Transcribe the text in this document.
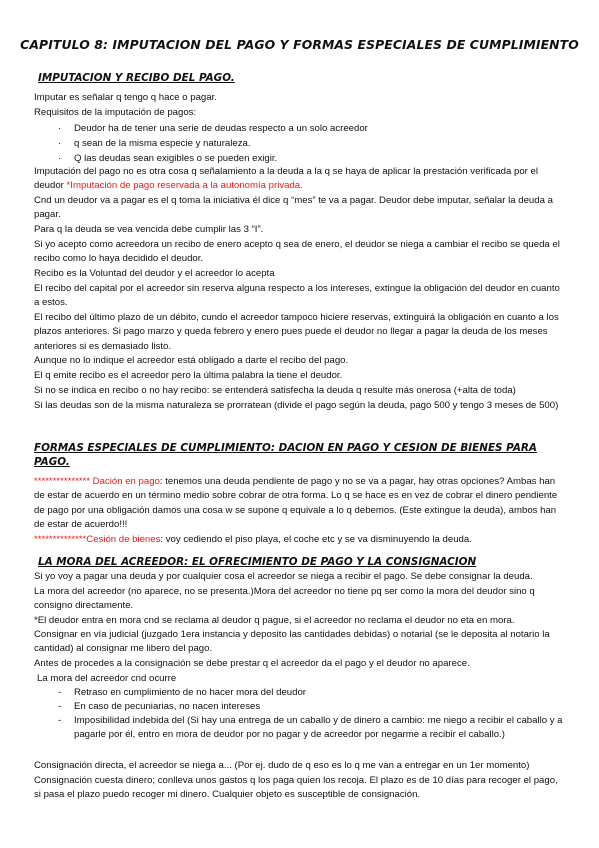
CAPITULO 8: IMPUTACION DEL PAGO Y FORMAS ESPECIALES DE CUMPLIMIENTO
IMPUTACION Y RECIBO DEL PAGO.

Imputar es señalar q tengo q hace o pagar.

Requisitos de la imputación de pagos:

· Deudor ha de tener una serie de deudas respecto a un solo acreedor

· q sean de la misma especie y naturaleza.

· Q las deudas sean exigibles o se pueden exigir.

Imputación del pago no es otra cosa q señalamiento a la deuda a la q se haya de aplicar la prestación verificada por el deudor *Imputación de pago reservada a la autonomía privada.

Cnd un deudor va a pagar es el q toma la iniciativa él dice q “mes” te va a pagar. Deudor debe imputar, señalar la deuda a pagar.

Para q la deuda se vea vencida debe cumplir las 3 “I”.

Si yo acepto como acreedora un recibo de enero acepto q sea de enero, el deudor se niega a cambiar el recibo se queda el recibo como lo haya decidido el deudor.

Recibo es la Voluntad del deudor y el acreedor lo acepta

El recibo del capital por el acreedor sin reserva alguna respecto a los intereses, extingue la obligación del deudor en cuanto a estos.

El recibo del último plazo de un débito, cundo el acreedor tampoco hiciere reservas, extinguirá la obligación en cuanto a los plazos anteriores. Si pago marzo y queda febrero y enero pues puede el deudor no llegar a pagar la deuda de los meses anteriores si es demasiado listo.

Aunque no lo indique el acreedor está obligado a darte el recibo del pago.

El q emite recibo es el acreedor pero la última palabra la tiene el deudor.

Si no se indica en recibo o no hay recibo: se entenderá satisfecha la deuda q resulte más onerosa (+alta de toda)

Si las deudas son de la misma naturaleza se prorratean (divide el pago según la deuda, pago 500 y tengo 3 meses de 500)

FORMAS ESPECIALES DE CUMPLIMIENTO: DACION EN PAGO Y CESION DE BIENES PARA PAGO.

*************** Dación en pago: tenemos una deuda pendiente de pago y no se va a pagar, hay otras opciones? Ambas han de estar de acuerdo en un término medio sobre cobrar de otra forma. Lo q se hace es en vez de cobrar el dinero pendiente de pago por una obligación damos una cosa w se supone q equivale a lo q debemos. (Este extingue la deuda), ambos han de estar de acuerdo!!!

**************Cesión de bienes: voy cediendo el piso playa, el coche etc y se va disminuyendo la deuda.

LA MORA DEL ACREEDOR: EL OFRECIMIENTO DE PAGO Y LA CONSIGNACION

Si yo voy a pagar una deuda y por cualquier cosa el acreedor se niega a recibir el pago. Se debe consignar la deuda.

La mora del acreedor (no aparece, no se presenta.)Mora del acreedor no tiene pq ser como la mora del deudor sino q consigno directamente.

*El deudor entra en mora cnd se reclama al deudor q pague, si el acreedor no reclama el deudor no eta en mora.

Consignar en vía judicial (juzgado 1era instancia y deposito las cantidades debidas) o notarial (se le deposita al notario la cantidad) al consignar me libero del pago.

Antes de procedes a la consignación se debe prestar q el acreedor da el pago y el deudor no aparece.

La mora del acreedor cnd ocurre

- Retraso en cumplimiento de no hacer mora del deudor

- En caso de pecuniarias, no nacen intereses

- Imposibilidad indebida del (Si hay una entrega de un caballo y de dinero a cambio: me niego a recibir el caballo y a pagarle por él, entro en mora de deudor por no pagar y de acreedor por negarme a recibir el caballo.)

Consignación directa, el acreedor se niega a... (Por ej. dudo de q eso es lo q me van a entregar en un 1er momento)

Consignación cuesta dinero; conlleva unos gastos q los paga quien los recoja. El plazo es de 10 días para recoger el pago, si pasa el plazo puedo recoger mi dinero. Cualquier objeto es susceptible de consignación.
